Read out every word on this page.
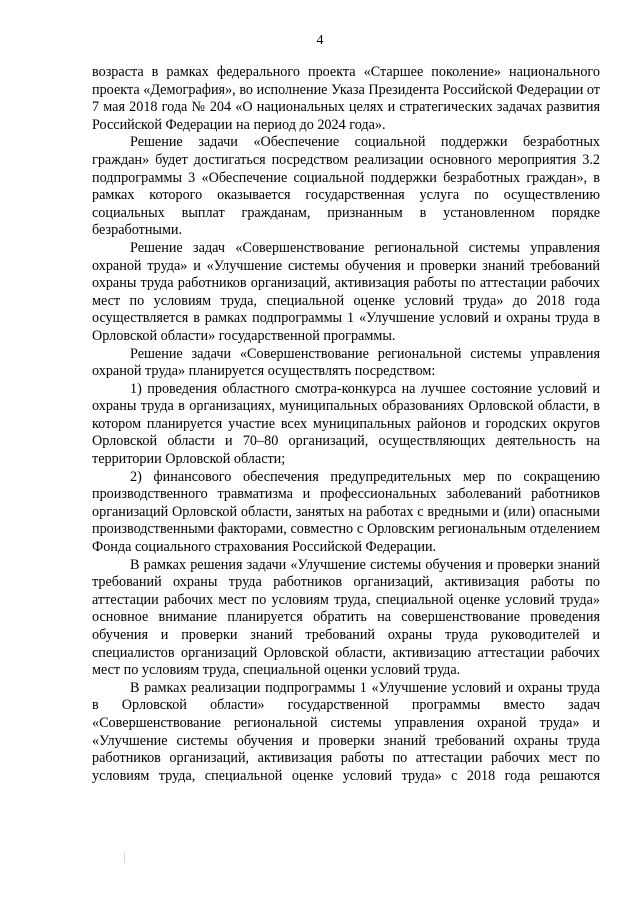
4

возраста в рамках федерального проекта «Старшее поколение» национального проекта «Демография», во исполнение Указа Президента Российской Федерации от 7 мая 2018 года № 204 «О национальных целях и стратегических задачах развития Российской Федерации на период до 2024 года».

Решение задачи «Обеспечение социальной поддержки безработных граждан» будет достигаться посредством реализации основного мероприятия 3.2 подпрограммы 3 «Обеспечение социальной поддержки безработных граждан», в рамках которого оказывается государственная услуга по осуществлению социальных выплат гражданам, признанным в установленном порядке безработными.

Решение задач «Совершенствование региональной системы управления охраной труда» и «Улучшение системы обучения и проверки знаний требований охраны труда работников организаций, активизация работы по аттестации рабочих мест по условиям труда, специальной оценке условий труда» до 2018 года осуществляется в рамках подпрограммы 1 «Улучшение условий и охраны труда в Орловской области» государственной программы.

Решение задачи «Совершенствование региональной системы управления охраной труда» планируется осуществлять посредством:

1) проведения областного смотра-конкурса на лучшее состояние условий и охраны труда в организациях, муниципальных образованиях Орловской области, в котором планируется участие всех муниципальных районов и городских округов Орловской области и 70–80 организаций, осуществляющих деятельность на территории Орловской области;

2) финансового обеспечения предупредительных мер по сокращению производственного травматизма и профессиональных заболеваний работников организаций Орловской области, занятых на работах с вредными и (или) опасными производственными факторами, совместно с Орловским региональным отделением Фонда социального страхования Российской Федерации.

В рамках решения задачи «Улучшение системы обучения и проверки знаний требований охраны труда работников организаций, активизация работы по аттестации рабочих мест по условиям труда, специальной оценке условий труда» основное внимание планируется обратить на совершенствование проведения обучения и проверки знаний требований охраны труда руководителей и специалистов организаций Орловской области, активизацию аттестации рабочих мест по условиям труда, специальной оценки условий труда.

В рамках реализации подпрограммы 1 «Улучшение условий и охраны труда в Орловской области» государственной программы вместо задач «Совершенствование региональной системы управления охраной труда» и «Улучшение системы обучения и проверки знаний требований охраны труда работников организаций, активизация работы по аттестации рабочих мест по условиям труда, специальной оценке условий труда» с 2018 года решаются
